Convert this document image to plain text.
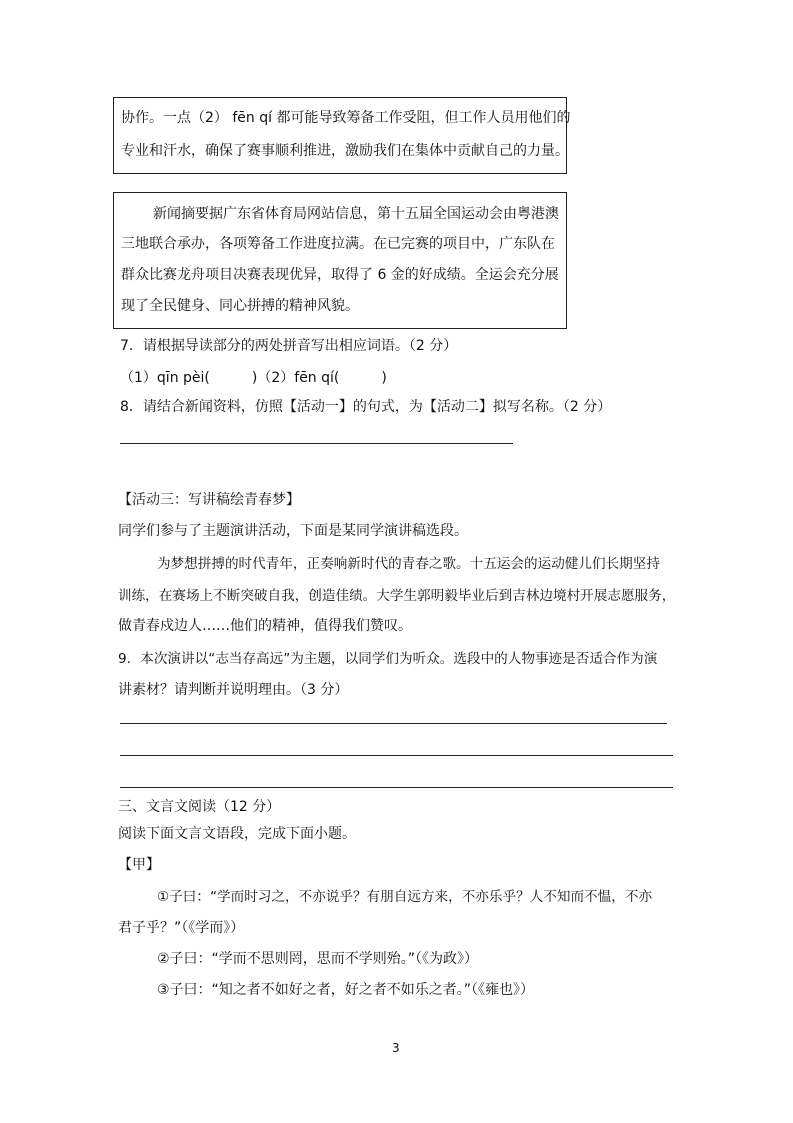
协作。一点（2） fēn qí 都可能导致筹备工作受阻，但工作人员用他们的
专业和汗水，确保了赛事顺利推进，激励我们在集体中贡献自己的力量。
新闻摘要据广东省体育局网站信息，第十五届全国运动会由粤港澳
三地联合承办，各项筹备工作进度拉满。在已完赛的项目中，广东队在
群众比赛龙舟项目决赛表现优异，取得了 6 金的好成绩。全运会充分展
现了全民健身、同心拼搏的精神风貌。
7．请根据导读部分的两处拼音写出相应词语。（2 分）
（1）qīn pèi(	)（2）fēn qí(	)
8．请结合新闻资料，仿照【活动一】的句式，为【活动二】拟写名称。（2 分）
【活动三：写讲稿绘青春梦】
同学们参与了主题演讲活动，下面是某同学演讲稿选段。
为梦想拼搏的时代青年，正奏响新时代的青春之歌。十五运会的运动健儿们长期坚持
训练，在赛场上不断突破自我，创造佳绩。大学生郭明毅毕业后到吉林边境村开展志愿服务，
做青春戍边人……他们的精神，值得我们赞叹。
9．本次演讲以“志当存高远”为主题，以同学们为听众。选段中的人物事迹是否适合作为演
讲素材？请判断并说明理由。（3 分）
三、文言文阅读（12 分）
阅读下面文言文语段，完成下面小题。
【甲】
①子曰：“学而时习之，不亦说乎？有朋自远方来，不亦乐乎？人不知而不愠，不亦
君子乎？”（《学而》）
②子曰：“学而不思则罔，思而不学则殆。”（《为政》）
③子曰：“知之者不如好之者，好之者不如乐之者。”（《雍也》）
3
